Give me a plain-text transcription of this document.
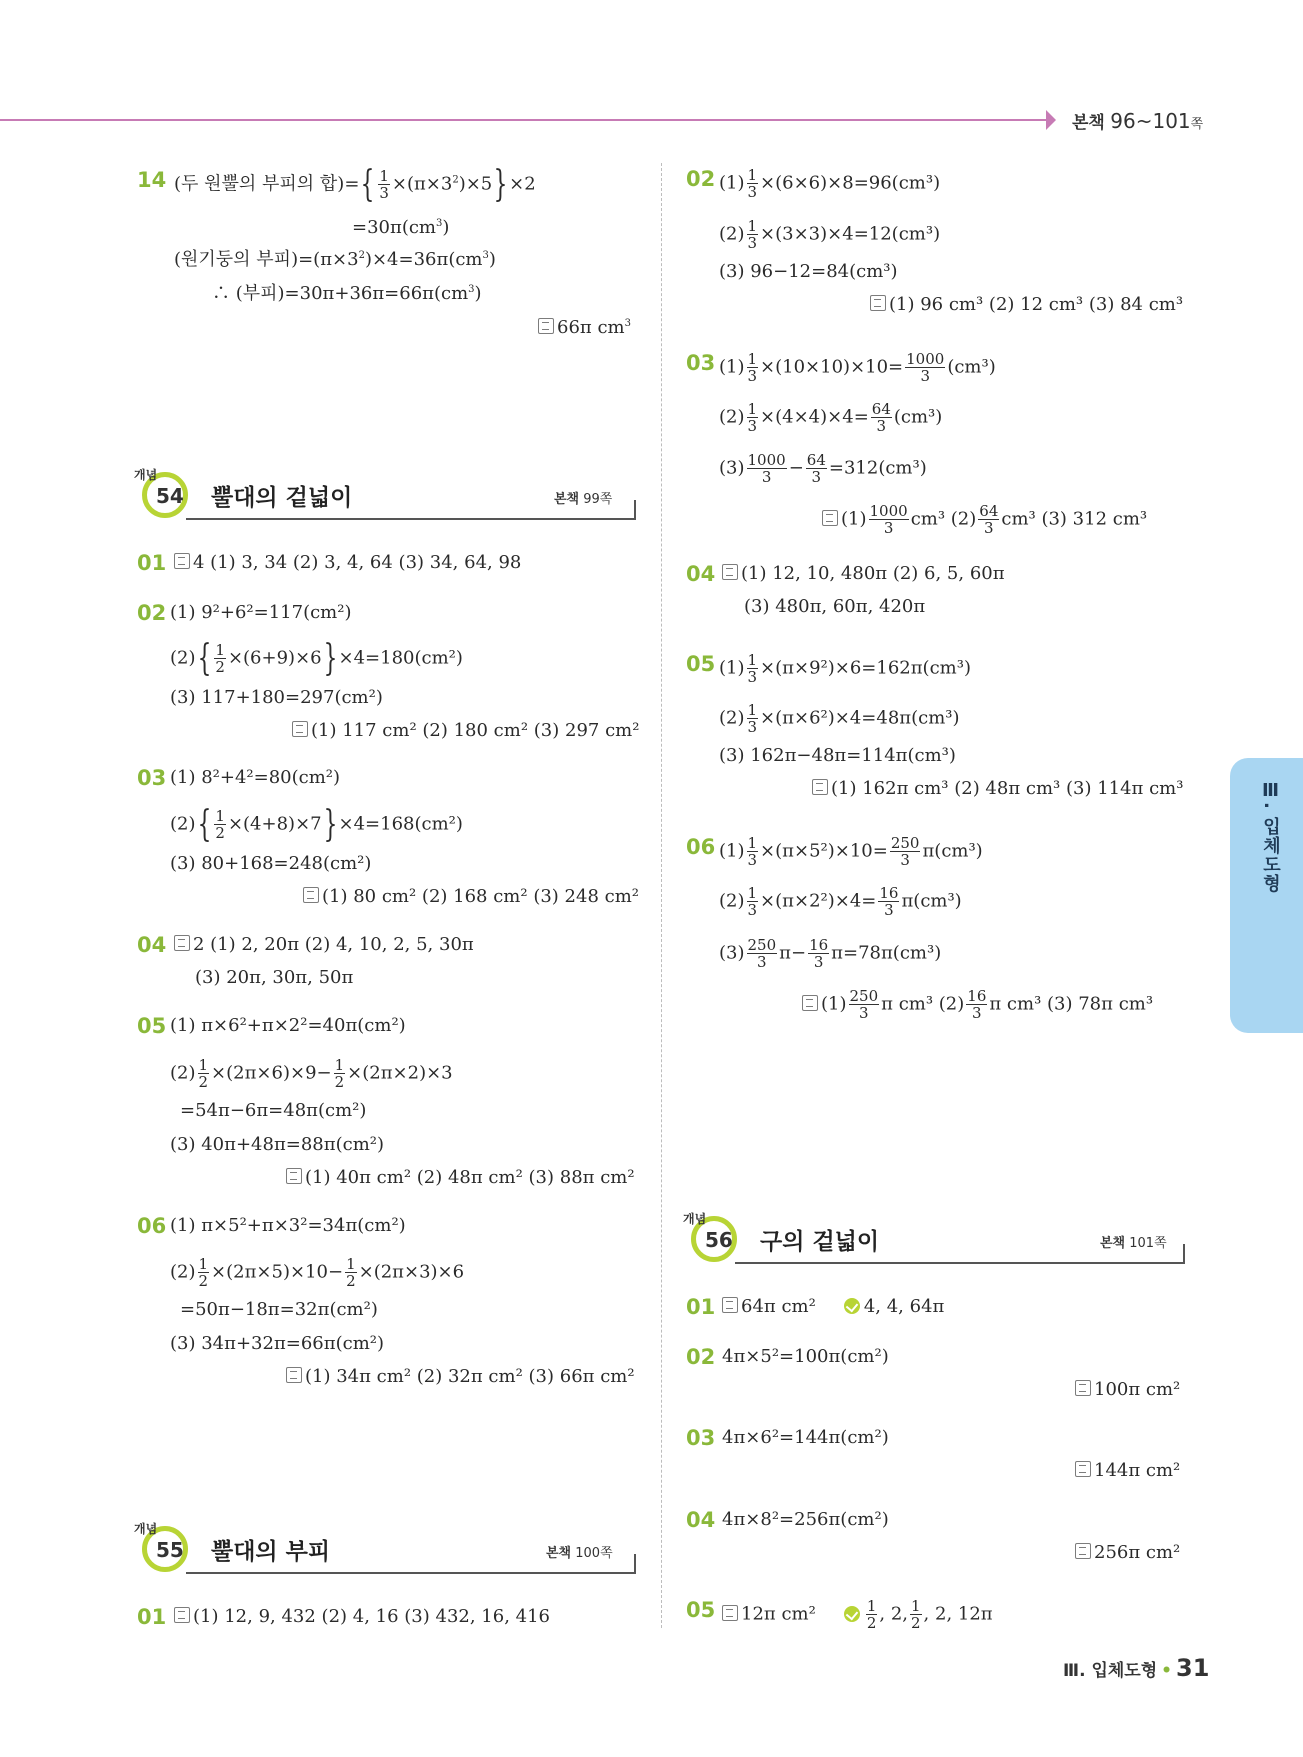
본책 96~101쪽
Ⅲ. 입체도형
14 (두 원뿔의 부피의 합)={ $\frac{1}{3} \times(\pi\times 3^2)\times 5\}\times 2$
$=30\pi(cm^3)$
(원기둥의 부피)$=(\pi\times 3^2)\times 4=36\pi(cm^3)$
∴ (부피)$=30\pi+36\pi=66\pi(cm^3)$
66π $cm^3$
개념
54 뿔대의 겉넓이	본책 99쪽
01	4 (1) 3, 34 (2) 3, 4, 64 (3) 34, 64, 98
02 (1) 9²+6²=117(cm²)
$(2)\{ \frac{1}{2} \times(6+9)\times 6\}\times 4=180(cm^2)$
(3) 117+180=297(cm²)
(1) 117 cm² (2) 180 cm² (3) 297 cm²
03 (1) 8²+4²=80(cm²)
$(2)\{ \frac{1}{2} \times(4+8)\times 7\}\times 4=168(cm^2)$
(3) 80+168=248(cm²)
(1) 80 cm² (2) 168 cm² (3) 248 cm²
04	2 (1) 2, 20π (2) 4, 10, 2, 5, 30π
(3) 20π, 30π, 50π
05 (1) π×6²+π×2²=40π(cm²)
$(2) \frac{1}{2} \times(2\pi\times 6)\times 9- \frac{1}{2} \times(2\pi\times 2)\times 3$
=54π−6π=48π(cm²)
(3) 40π+48π=88π(cm²)
(1) 40π cm² (2) 48π cm² (3) 88π cm²
06 (1) π×5²+π×3²=34π(cm²)
$(2) \frac{1}{2} \times(2\pi\times 5)\times 10- \frac{1}{2} \times(2\pi\times 3)\times 6$
=50π−18π=32π(cm²)
(3) 34π+32π=66π(cm²)
(1) 34π cm² (2) 32π cm² (3) 66π cm²
개념
55 뿔대의 부피	본책 100쪽
01	(1) 12, 9, 432 (2) 4, 16 (3) 432, 16, 416
02 $(1) \frac{1}{3} \times(6\times 6)\times 8=96(cm^3)$
$(2) \frac{1}{3} \times(3\times 3)\times 4=12(cm^3)$
(3) 96−12=84(cm³)
(1) 96 cm³ (2) 12 cm³ (3) 84 cm³
03 $(1) \frac{1}{3} \times(10\times 10)\times 10= \frac{1000}{3} (cm^3)$
$(2) \frac{1}{3} \times(4\times 4)\times 4= \frac{64}{3} (cm^3)$
$(3) \frac{1000}{3} - \frac{64}{3} =312(cm^3)$
$(1) \frac{1000}{3} cm^3$ $(2) \frac{64}{3} cm^3$ (3) 312 cm³
04	(1) 12, 10, 480π (2) 6, 5, 60π
(3) 480π, 60π, 420π
05 $(1) \frac{1}{3} \times(\pi\times 9^2)\times 6=162\pi(cm^3)$
$(2) \frac{1}{3} \times(\pi\times 6^2)\times 4=48\pi(cm^3)$
(3) 162π−48π=114π(cm³)
(1) 162π cm³ (2) 48π cm³ (3) 114π cm³
06 $(1) \frac{1}{3} \times(\pi\times 5^2)\times 10= \frac{250}{3} \pi(cm^3)$
$(2) \frac{1}{3} \times(\pi\times 2^2)\times 4= \frac{16}{3} \pi(cm^3)$
$(3) \frac{250}{3} \pi- \frac{16}{3} \pi=78\pi(cm^3)$
$(1) \frac{250}{3}$ π cm³ $(2) \frac{16}{3}$ π cm³ (3) 78π cm³
개념
56 구의 겉넓이	본책 101쪽
01	64π cm²	4, 4, 64π
02 4π×5²=100π(cm²)
100π cm²
03 4π×6²=144π(cm²)
144π cm²
04 4π×8²=256π(cm²)
256π cm²
05	12π cm²	$\frac{1}{2}$ , 2, $\frac{1}{2}$ , 2, 12π
Ⅲ. 입체도형 • 31
